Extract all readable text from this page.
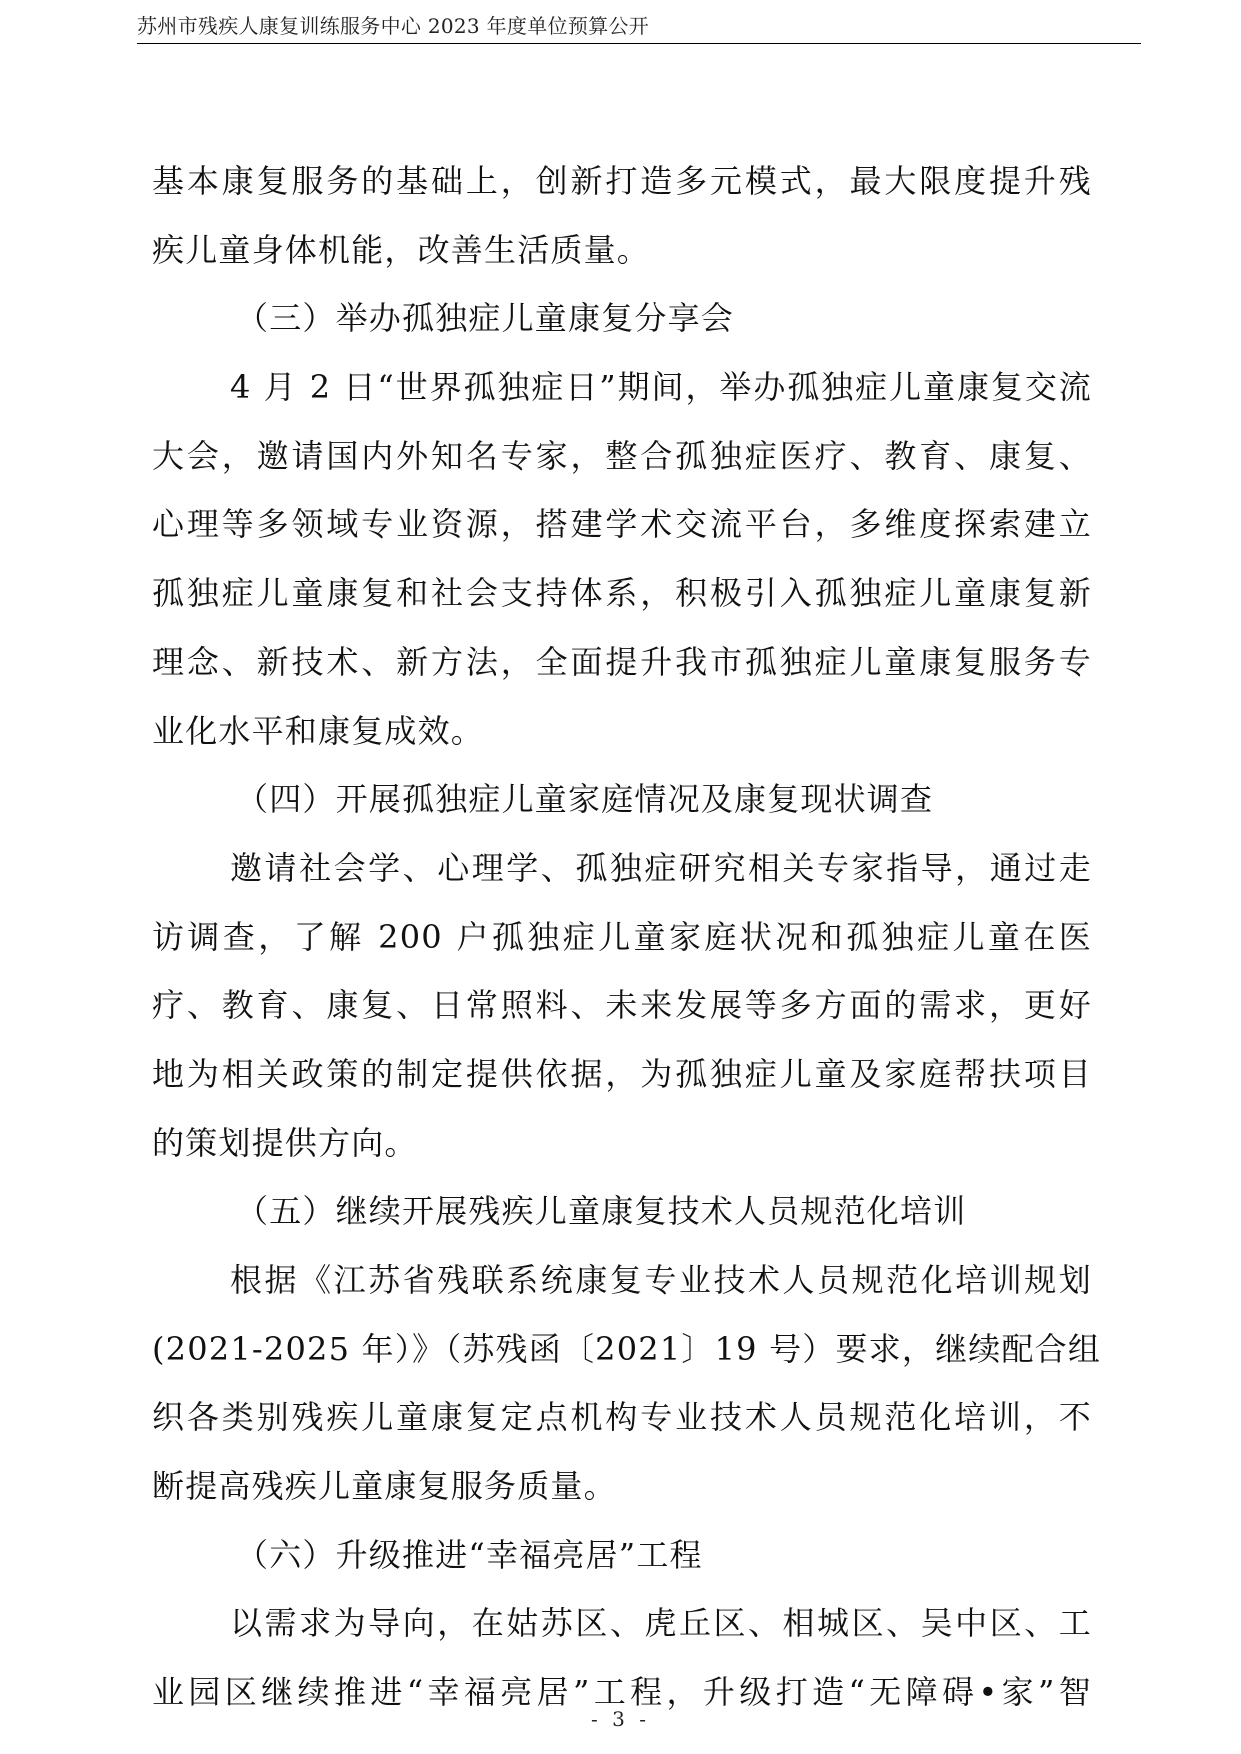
苏州市残疾人康复训练服务中心 2023 年度单位预算公开
基本康复服务的基础上，创新打造多元模式，最大限度提升残
疾儿童身体机能，改善生活质量。
（三）举办孤独症儿童康复分享会
4 月 2 日“世界孤独症日”期间，举办孤独症儿童康复交流
大会，邀请国内外知名专家，整合孤独症医疗、教育、康复、
心理等多领域专业资源，搭建学术交流平台，多维度探索建立
孤独症儿童康复和社会支持体系，积极引入孤独症儿童康复新
理念、新技术、新方法，全面提升我市孤独症儿童康复服务专
业化水平和康复成效。
（四）开展孤独症儿童家庭情况及康复现状调查
邀请社会学、心理学、孤独症研究相关专家指导，通过走
访调查，了解 200 户孤独症儿童家庭状况和孤独症儿童在医
疗、教育、康复、日常照料、未来发展等多方面的需求，更好
地为相关政策的制定提供依据，为孤独症儿童及家庭帮扶项目
的策划提供方向。
（五）继续开展残疾儿童康复技术人员规范化培训
根据《江苏省残联系统康复专业技术人员规范化培训规划
(2021-2025 年）》（苏残函〔2021〕19 号）要求，继续配合组
织各类别残疾儿童康复定点机构专业技术人员规范化培训，不
断提高残疾儿童康复服务质量。
（六）升级推进“幸福亮居”工程
以需求为导向，在姑苏区、虎丘区、相城区、吴中区、工
业园区继续推进“幸福亮居”工程，升级打造“无障碍•家”智
- 3 -
